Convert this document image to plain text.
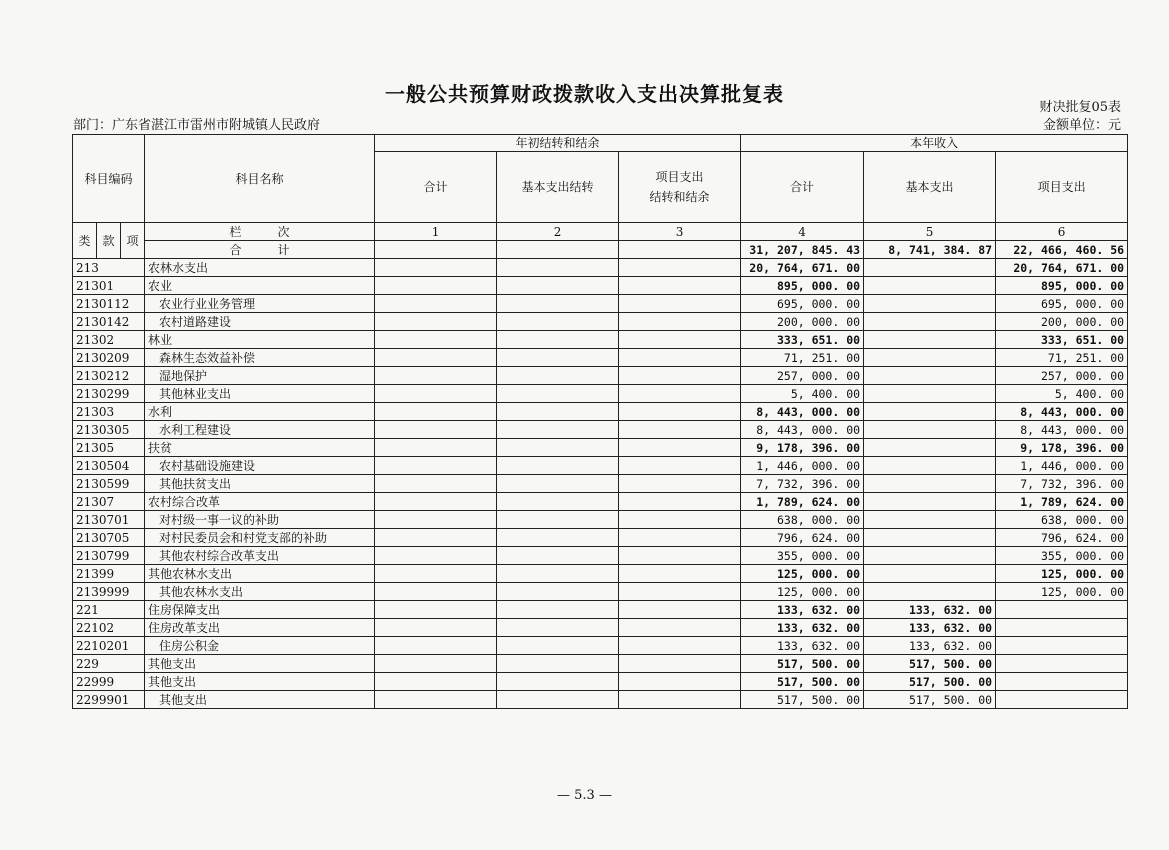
一般公共预算财政拨款收入支出决算批复表
财决批复05表
部门：广东省湛江市雷州市附城镇人民政府	金额单位：元
科目编码			科目名称	年初结转和结余			本年收入		
				合计	基本支出结转	项目支出
结转和结余	合计	基本支出	项目支出
类	款	项	栏　　　次	1	2	3	4	5	6
			合　　　计				31, 207, 845. 43	8, 741, 384. 87	22, 466, 460. 56
213			农林水支出				20, 764, 671. 00		20, 764, 671. 00
21301			农业				895, 000. 00		895, 000. 00
2130112			农业行业业务管理				695, 000. 00		695, 000. 00
2130142			农村道路建设				200, 000. 00		200, 000. 00
21302			林业				333, 651. 00		333, 651. 00
2130209			森林生态效益补偿				71, 251. 00		71, 251. 00
2130212			湿地保护				257, 000. 00		257, 000. 00
2130299			其他林业支出				5, 400. 00		5, 400. 00
21303			水利				8, 443, 000. 00		8, 443, 000. 00
2130305			水利工程建设				8, 443, 000. 00		8, 443, 000. 00
21305			扶贫				9, 178, 396. 00		9, 178, 396. 00
2130504			农村基础设施建设				1, 446, 000. 00		1, 446, 000. 00
2130599			其他扶贫支出				7, 732, 396. 00		7, 732, 396. 00
21307			农村综合改革				1, 789, 624. 00		1, 789, 624. 00
2130701			对村级一事一议的补助				638, 000. 00		638, 000. 00
2130705			对村民委员会和村党支部的补助				796, 624. 00		796, 624. 00
2130799			其他农村综合改革支出				355, 000. 00		355, 000. 00
21399			其他农林水支出				125, 000. 00		125, 000. 00
2139999			其他农林水支出				125, 000. 00		125, 000. 00
221			住房保障支出				133, 632. 00	133, 632. 00	
22102			住房改革支出				133, 632. 00	133, 632. 00	
2210201			住房公积金				133, 632. 00	133, 632. 00	
229			其他支出				517, 500. 00	517, 500. 00	
22999			其他支出				517, 500. 00	517, 500. 00	
2299901			其他支出				517, 500. 00	517, 500. 00	
— 5.3 —
